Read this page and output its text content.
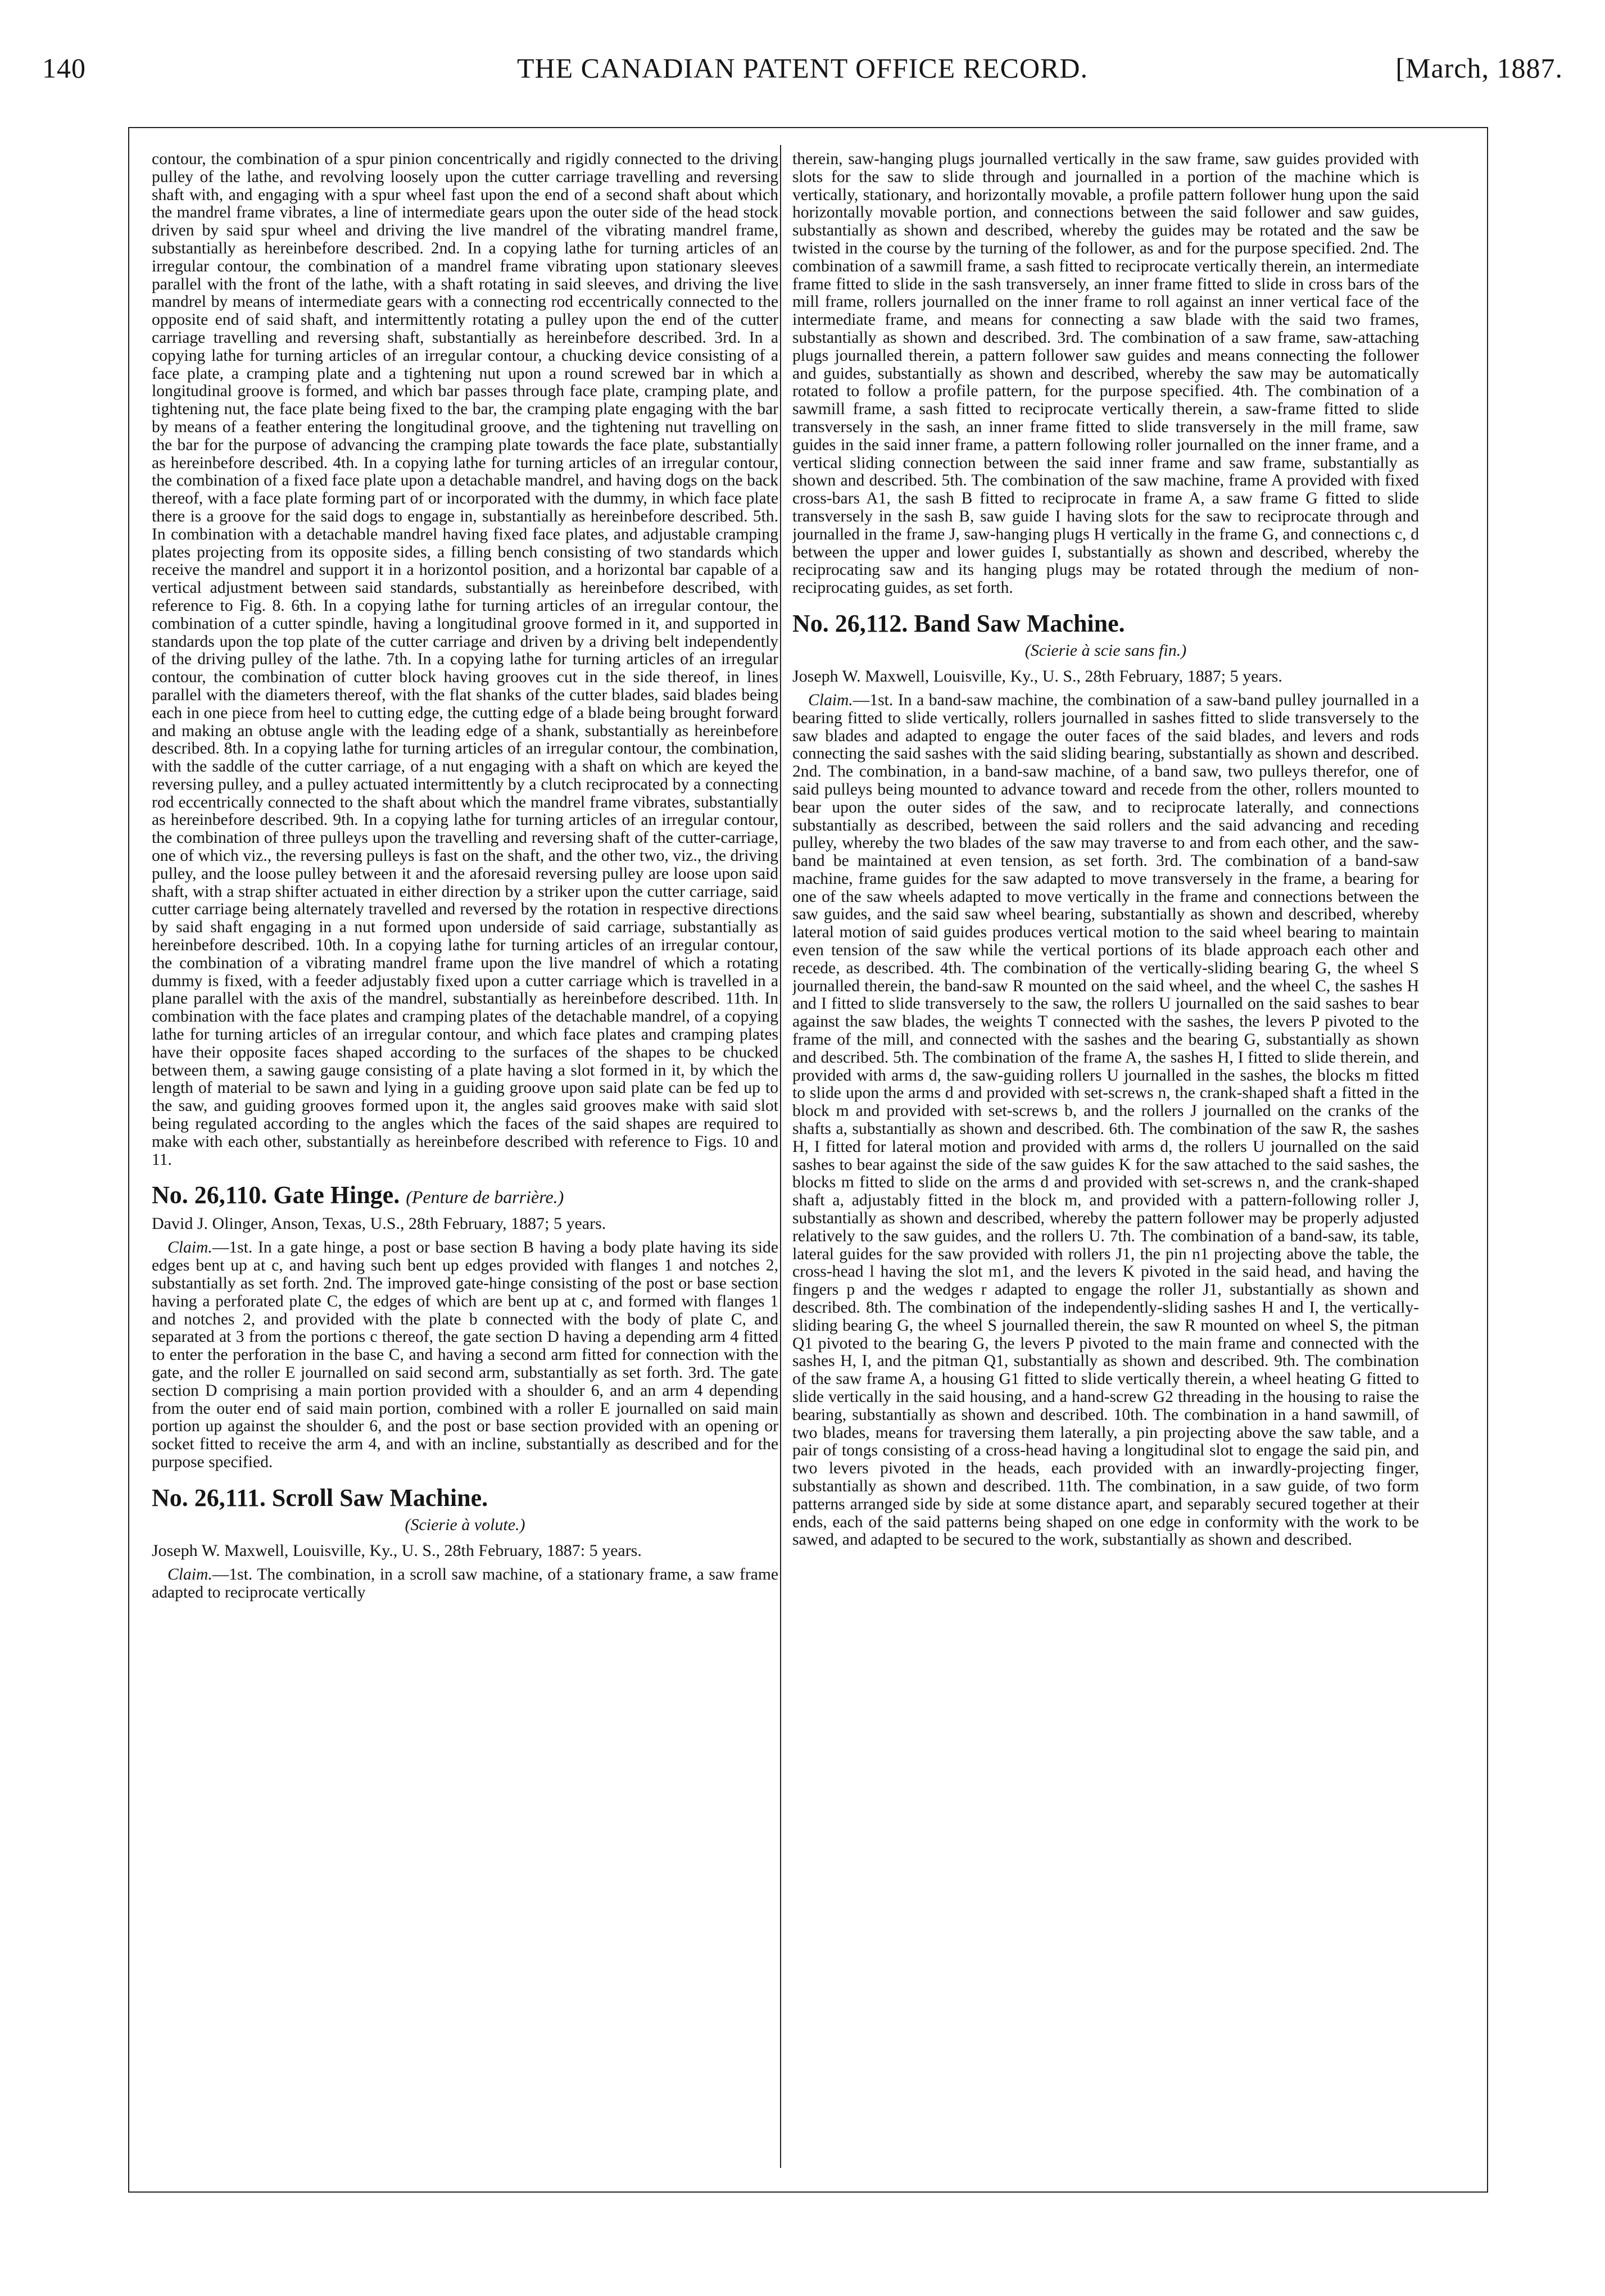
140	THE CANADIAN PATENT OFFICE RECORD.	[March, 1887.

contour, the combination of a spur pinion concentrically and rigidly connected to the driving pulley of the lathe, and revolving loosely upon the cutter carriage travelling and reversing shaft with, and engaging with a spur wheel fast upon the end of a second shaft about which the mandrel frame vibrates, a line of intermediate gears upon the outer side of the head stock driven by said spur wheel and driving the live mandrel of the vibrating mandrel frame, substantially as hereinbefore described. 2nd. In a copying lathe for turning articles of an irregular contour, the combination of a mandrel frame vibrating upon stationary sleeves parallel with the front of the lathe, with a shaft rotating in said sleeves, and driving the live mandrel by means of intermediate gears with a connecting rod eccentrically connected to the opposite end of said shaft, and intermittently rotating a pulley upon the end of the cutter carriage travelling and reversing shaft, substantially as hereinbefore described. 3rd. In a copying lathe for turning articles of an irregular contour, a chucking device consisting of a face plate, a cramping plate and a tightening nut upon a round screwed bar in which a longitudinal groove is formed, and which bar passes through face plate, cramping plate, and tightening nut, the face plate being fixed to the bar, the cramping plate engaging with the bar by means of a feather entering the longitudinal groove, and the tightening nut travelling on the bar for the purpose of advancing the cramping plate towards the face plate, substantially as hereinbefore described. 4th. In a copying lathe for turning articles of an irregular contour, the combination of a fixed face plate upon a detachable mandrel, and having dogs on the back thereof, with a face plate forming part of or incorporated with the dummy, in which face plate there is a groove for the said dogs to engage in, substantially as hereinbefore described. 5th. In combination with a detachable mandrel having fixed face plates, and adjustable cramping plates projecting from its opposite sides, a filling bench consisting of two standards which receive the mandrel and support it in a horizontol position, and a horizontal bar capable of a vertical adjustment between said standards, substantially as hereinbefore described, with reference to Fig. 8. 6th. In a copying lathe for turning articles of an irregular contour, the combination of a cutter spindle, having a longitudinal groove formed in it, and supported in standards upon the top plate of the cutter carriage and driven by a driving belt independently of the driving pulley of the lathe. 7th. In a copying lathe for turning articles of an irregular contour, the combination of cutter block having grooves cut in the side thereof, in lines parallel with the diameters thereof, with the flat shanks of the cutter blades, said blades being each in one piece from heel to cutting edge, the cutting edge of a blade being brought forward and making an obtuse angle with the leading edge of a shank, substantially as hereinbefore described. 8th. In a copying lathe for turning articles of an irregular contour, the combination, with the saddle of the cutter carriage, of a nut engaging with a shaft on which are keyed the reversing pulley, and a pulley actuated intermittently by a clutch reciprocated by a connecting rod eccentrically connected to the shaft about which the mandrel frame vibrates, substantially as hereinbefore described. 9th. In a copying lathe for turning articles of an irregular contour, the combination of three pulleys upon the travelling and reversing shaft of the cutter-carriage, one of which viz., the reversing pulleys is fast on the shaft, and the other two, viz., the driving pulley, and the loose pulley between it and the aforesaid reversing pulley are loose upon said shaft, with a strap shifter actuated in either direction by a striker upon the cutter carriage, said cutter carriage being alternately travelled and reversed by the rotation in respective directions by said shaft engaging in a nut formed upon underside of said carriage, substantially as hereinbefore described. 10th. In a copying lathe for turning articles of an irregular contour, the combination of a vibrating mandrel frame upon the live mandrel of which a rotating dummy is fixed, with a feeder adjustably fixed upon a cutter carriage which is travelled in a plane parallel with the axis of the mandrel, substantially as hereinbefore described. 11th. In combination with the face plates and cramping plates of the detachable mandrel, of a copying lathe for turning articles of an irregular contour, and which face plates and cramping plates have their opposite faces shaped according to the surfaces of the shapes to be chucked between them, a sawing gauge consisting of a plate having a slot formed in it, by which the length of material to be sawn and lying in a guiding groove upon said plate can be fed up to the saw, and guiding grooves formed upon it, the angles said grooves make with said slot being regulated according to the angles which the faces of the said shapes are required to make with each other, substantially as hereinbefore described with reference to Figs. 10 and 11.

No. 26,110. Gate Hinge. (Penture de barrière.)

David J. Olinger, Anson, Texas, U.S., 28th February, 1887; 5 years.

Claim.—1st. In a gate hinge, a post or base section B having a body plate having its side edges bent up at c, and having such bent up edges provided with flanges 1 and notches 2, substantially as set forth. 2nd. The improved gate-hinge consisting of the post or base section having a perforated plate C, the edges of which are bent up at c, and formed with flanges 1 and notches 2, and provided with the plate b connected with the body of plate C, and separated at 3 from the portions c thereof, the gate section D having a depending arm 4 fitted to enter the perforation in the base C, and having a second arm fitted for connection with the gate, and the roller E journalled on said second arm, substantially as set forth. 3rd. The gate section D comprising a main portion provided with a shoulder 6, and an arm 4 depending from the outer end of said main portion, combined with a roller E journalled on said main portion up against the shoulder 6, and the post or base section provided with an opening or socket fitted to receive the arm 4, and with an incline, substantially as described and for the purpose specified.

No. 26,111. Scroll Saw Machine.

(Scierie à volute.)

Joseph W. Maxwell, Louisville, Ky., U. S., 28th February, 1887: 5 years.

Claim.—1st. The combination, in a scroll saw machine, of a stationary frame, a saw frame adapted to reciprocate vertically

therein, saw-hanging plugs journalled vertically in the saw frame, saw guides provided with slots for the saw to slide through and journalled in a portion of the machine which is vertically, stationary, and horizontally movable, a profile pattern follower hung upon the said horizontally movable portion, and connections between the said follower and saw guides, substantially as shown and described, whereby the guides may be rotated and the saw be twisted in the course by the turning of the follower, as and for the purpose specified. 2nd. The combination of a sawmill frame, a sash fitted to reciprocate vertically therein, an intermediate frame fitted to slide in the sash transversely, an inner frame fitted to slide in cross bars of the mill frame, rollers journalled on the inner frame to roll against an inner vertical face of the intermediate frame, and means for connecting a saw blade with the said two frames, substantially as shown and described. 3rd. The combination of a saw frame, saw-attaching plugs journalled therein, a pattern follower saw guides and means connecting the follower and guides, substantially as shown and described, whereby the saw may be automatically rotated to follow a profile pattern, for the purpose specified. 4th. The combination of a sawmill frame, a sash fitted to reciprocate vertically therein, a saw-frame fitted to slide transversely in the sash, an inner frame fitted to slide transversely in the mill frame, saw guides in the said inner frame, a pattern following roller journalled on the inner frame, and a vertical sliding connection between the said inner frame and saw frame, substantially as shown and described. 5th. The combination of the saw machine, frame A provided with fixed cross-bars A1, the sash B fitted to reciprocate in frame A, a saw frame G fitted to slide transversely in the sash B, saw guide I having slots for the saw to reciprocate through and journalled in the frame J, saw-hanging plugs H vertically in the frame G, and connections c, d between the upper and lower guides I, substantially as shown and described, whereby the reciprocating saw and its hanging plugs may be rotated through the medium of non-reciprocating guides, as set forth.

No. 26,112. Band Saw Machine.

(Scierie à scie sans fin.)

Joseph W. Maxwell, Louisville, Ky., U. S., 28th February, 1887; 5 years.

Claim.—1st. In a band-saw machine, the combination of a saw-band pulley journalled in a bearing fitted to slide vertically, rollers journalled in sashes fitted to slide transversely to the saw blades and adapted to engage the outer faces of the said blades, and levers and rods connecting the said sashes with the said sliding bearing, substantially as shown and described. 2nd. The combination, in a band-saw machine, of a band saw, two pulleys therefor, one of said pulleys being mounted to advance toward and recede from the other, rollers mounted to bear upon the outer sides of the saw, and to reciprocate laterally, and connections substantially as described, between the said rollers and the said advancing and receding pulley, whereby the two blades of the saw may traverse to and from each other, and the saw-band be maintained at even tension, as set forth. 3rd. The combination of a band-saw machine, frame guides for the saw adapted to move transversely in the frame, a bearing for one of the saw wheels adapted to move vertically in the frame and connections between the saw guides, and the said saw wheel bearing, substantially as shown and described, whereby lateral motion of said guides produces vertical motion to the said wheel bearing to maintain even tension of the saw while the vertical portions of its blade approach each other and recede, as described. 4th. The combination of the vertically-sliding bearing G, the wheel S journalled therein, the band-saw R mounted on the said wheel, and the wheel C, the sashes H and I fitted to slide transversely to the saw, the rollers U journalled on the said sashes to bear against the saw blades, the weights T connected with the sashes, the levers P pivoted to the frame of the mill, and connected with the sashes and the bearing G, substantially as shown and described. 5th. The combination of the frame A, the sashes H, I fitted to slide therein, and provided with arms d, the saw-guiding rollers U journalled in the sashes, the blocks m fitted to slide upon the arms d and provided with set-screws n, the crank-shaped shaft a fitted in the block m and provided with set-screws b, and the rollers J journalled on the cranks of the shafts a, substantially as shown and described. 6th. The combination of the saw R, the sashes H, I fitted for lateral motion and provided with arms d, the rollers U journalled on the said sashes to bear against the side of the saw guides K for the saw attached to the said sashes, the blocks m fitted to slide on the arms d and provided with set-screws n, and the crank-shaped shaft a, adjustably fitted in the block m, and provided with a pattern-following roller J, substantially as shown and described, whereby the pattern follower may be properly adjusted relatively to the saw guides, and the rollers U. 7th. The combination of a band-saw, its table, lateral guides for the saw provided with rollers J1, the pin n1 projecting above the table, the cross-head l having the slot m1, and the levers K pivoted in the said head, and having the fingers p and the wedges r adapted to engage the roller J1, substantially as shown and described. 8th. The combination of the independently-sliding sashes H and I, the vertically-sliding bearing G, the wheel S journalled therein, the saw R mounted on wheel S, the pitman Q1 pivoted to the bearing G, the levers P pivoted to the main frame and connected with the sashes H, I, and the pitman Q1, substantially as shown and described. 9th. The combination of the saw frame A, a housing G1 fitted to slide vertically therein, a wheel heating G fitted to slide vertically in the said housing, and a hand-screw G2 threading in the housing to raise the bearing, substantially as shown and described. 10th. The combination in a hand sawmill, of two blades, means for traversing them laterally, a pin projecting above the saw table, and a pair of tongs consisting of a cross-head having a longitudinal slot to engage the said pin, and two levers pivoted in the heads, each provided with an inwardly-projecting finger, substantially as shown and described. 11th. The combination, in a saw guide, of two form patterns arranged side by side at some distance apart, and separably secured together at their ends, each of the said patterns being shaped on one edge in conformity with the work to be sawed, and adapted to be secured to the work, substantially as shown and described.
